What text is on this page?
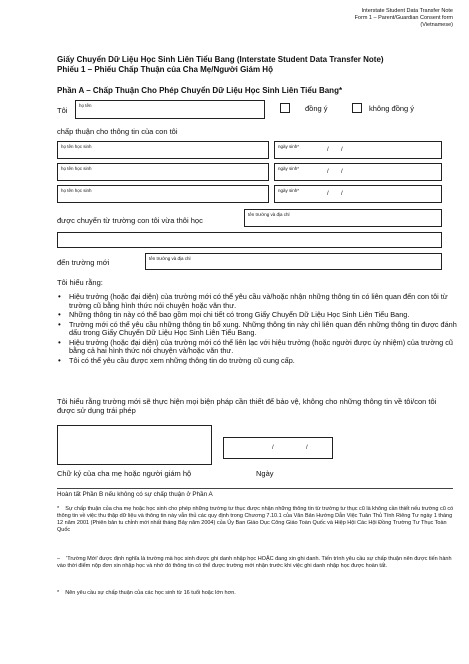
Interstate Student Data Transfer Note
Form 1 – Parent/Guardian Consent form
(Vietnamese)
Giấy Chuyển Dữ Liệu Học Sinh Liên Tiểu Bang (Interstate Student Data Transfer Note)
Phiếu 1 – Phiếu Chấp Thuận của Cha Mẹ/Người Giám Hộ
Phần A – Chấp Thuận Cho Phép Chuyển Dữ Liệu Học Sinh Liên Tiểu Bang*
Tôi
họ tên	đồng ý	không đồng ý
chấp thuận cho thông tin của con tôi
họ tên học sinh	ngày sinh*
/ /
họ tên học sinh	ngày sinh*
/ /
họ tên học sinh	ngày sinh*
/ /
được chuyển từ trường con tôi vừa thôi học
tên trường và địa chỉ
đến trường mới	tên trường và địa chỉ
Tôi hiểu rằng:
• Hiệu trưởng (hoặc đại diện) của trường mới có thể yêu cầu và/hoặc nhận những thông tin có liên quan đến con tôi từ trường cũ bằng hình thức nói chuyện hoặc văn thư.
• Những thông tin này có thể bao gồm mọi chi tiết có trong Giấy Chuyển Dữ Liệu Học Sinh Liên Tiểu Bang.
• Trường mới có thể yêu cầu những thông tin bổ xung. Những thông tin này chỉ liên quan đến những thông tin được đánh dấu trong Giấy Chuyển Dữ Liệu Học Sinh Liên Tiểu Bang.
• Hiệu trưởng (hoặc đại diện) của trường mới có thể liên lạc với hiệu trưởng (hoặc người được ủy nhiệm) của trường cũ bằng cả hai hình thức nói chuyện và/hoặc văn thư.
• Tôi có thể yêu cầu được xem những thông tin do trường cũ cung cấp.
Tôi hiểu rằng trường mới sẽ thực hiện mọi biện pháp cần thiết để bảo vệ, không cho những thông tin về tôi/con tôi được sử dụng trái phép
/	/
Chữ ký của cha mẹ hoặc người giám hộ	Ngày
Hoàn tất Phần B nếu không có sự chấp thuận ở Phần A
* Sự chấp thuận của cha mẹ hoặc học sinh cho phép những trường tư thục được nhận những thông tin từ trường tư thục cũ là không cần thiết nếu trường cũ có thông tin về việc thu thập dữ liệu và thông tin này vẫn thủ các quy định trong Chương 7.10.1 của Văn Bản Hướng Dẫn Việc Tuân Thủ Tính Riêng Tư ngày 1 tháng 12 năm 2001 (Phiên bản tu chỉnh mới nhất tháng Bảy năm 2004) của Ủy Ban Giáo Dục Công Giáo Toàn Quốc và Hiệp Hội Các Hội Đồng Trường Tư Thục Toàn Quốc
– 'Trường Mới' được định nghĩa là trường mà học sinh được ghi danh nhập học HOẶC đang xin ghi danh. Tiến trình yêu cầu sự chấp thuận nên được tiến hành vào thời điểm nộp đơn xin nhập học và nhớ đó thông tin có thể được trường mới nhận trước khi việc ghi danh nhập học được hoàn tất.
* Nên yêu cầu sự chấp thuận của các học sinh từ 16 tuổi hoặc lớn hơn.
